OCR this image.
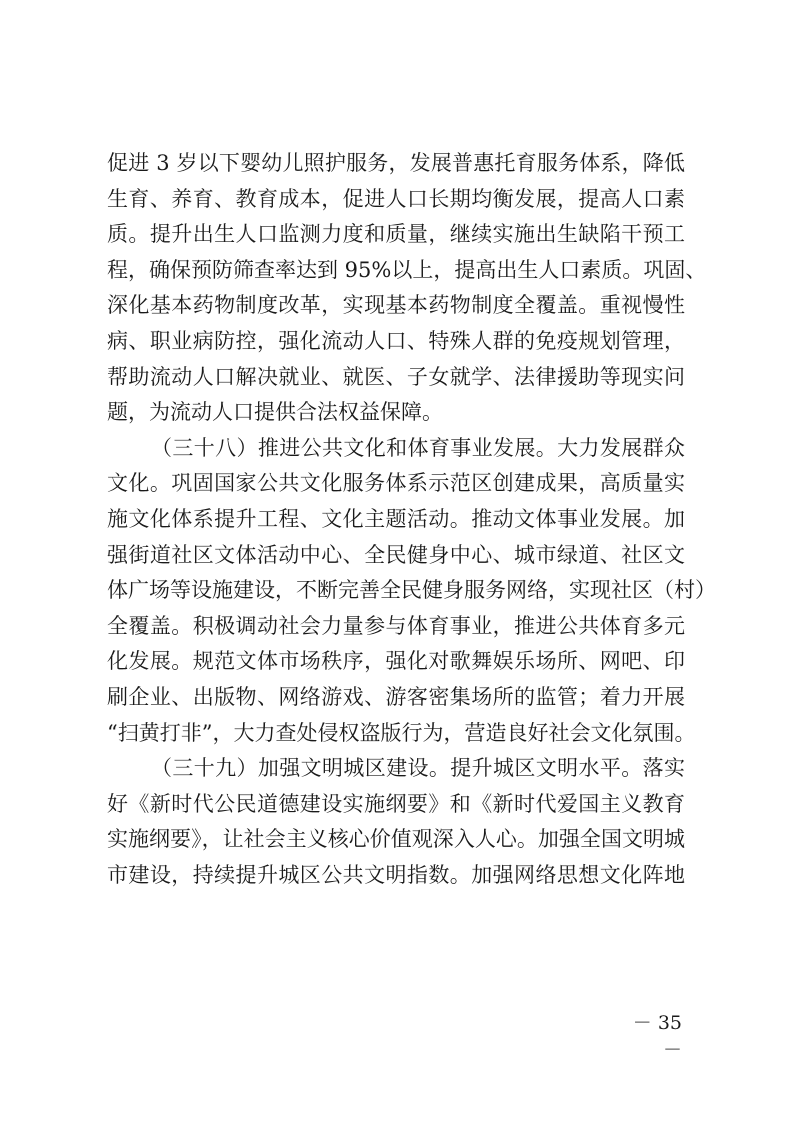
促进 3 岁以下婴幼儿照护服务，发展普惠托育服务体系，降低
生育、养育、教育成本，促进人口长期均衡发展，提高人口素
质。提升出生人口监测力度和质量，继续实施出生缺陷干预工
程，确保预防筛查率达到 95%以上，提高出生人口素质。巩固、
深化基本药物制度改革，实现基本药物制度全覆盖。重视慢性
病、职业病防控，强化流动人口、特殊人群的免疫规划管理，
帮助流动人口解决就业、就医、子女就学、法律援助等现实问
题，为流动人口提供合法权益保障。
（三十八）推进公共文化和体育事业发展。大力发展群众
文化。巩固国家公共文化服务体系示范区创建成果，高质量实
施文化体系提升工程、文化主题活动。推动文体事业发展。加
强街道社区文体活动中心、全民健身中心、城市绿道、社区文
体广场等设施建设，不断完善全民健身服务网络，实现社区（村）
全覆盖。积极调动社会力量参与体育事业，推进公共体育多元
化发展。规范文体市场秩序，强化对歌舞娱乐场所、网吧、印
刷企业、出版物、网络游戏、游客密集场所的监管；着力开展
“扫黄打非”，大力查处侵权盗版行为，营造良好社会文化氛围。
（三十九）加强文明城区建设。提升城区文明水平。落实
好《新时代公民道德建设实施纲要》和《新时代爱国主义教育
实施纲要》，让社会主义核心价值观深入人心。加强全国文明城
市建设，持续提升城区公共文明指数。加强网络思想文化阵地
－ 35 －
